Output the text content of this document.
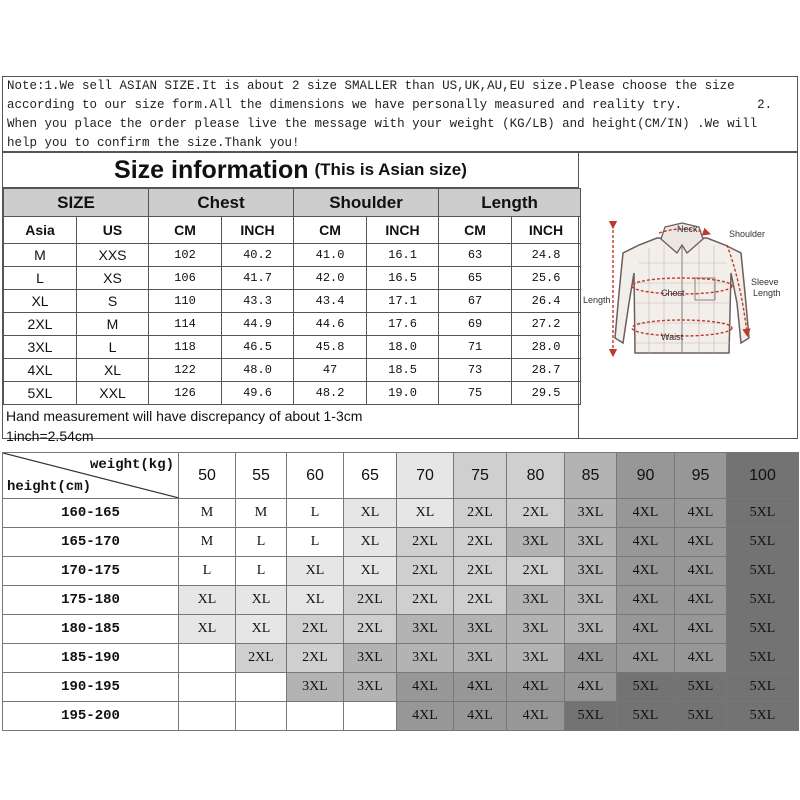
Note:1.We sell ASIAN SIZE.It is about 2 size SMALLER than US,UK,AU,EU size.Please choose the size
according to our size form.All the dimensions we have personally measured and reality try.          2.
When you place the order please live the message with your weight (KG/LB) and height(CM/IN) .We will
help you to confirm the size.Thank you!
Size information (This is Asian size)
SIZE		Chest		Shoulder		Length	
Asia	US	CM	INCH	CM	INCH	CM	INCH
M	XXS	102	40.2	41.0	16.1	63	24.8
L	XS	106	41.7	42.0	16.5	65	25.6
XL	S	110	43.3	43.4	17.1	67	26.4
2XL	M	114	44.9	44.6	17.6	69	27.2
3XL	L	118	46.5	45.8	18.0	71	28.0
4XL	XL	122	48.0	47	18.5	73	28.7
5XL	XXL	126	49.6	48.2	19.0	75	29.5
Hand measurement will have discrepancy of about 1-3cm
1inch=2.54cm
Neck	Shoulder
Sleeve
Length
Length
Chest
Waist
weight(kg)
height(cm)	50	55	60	65	70	75	80	85	90	95	100
160-165	M	M	L	XL	XL	2XL	2XL	3XL	4XL	4XL	5XL
165-170	M	L	L	XL	2XL	2XL	3XL	3XL	4XL	4XL	5XL
170-175	L	L	XL	XL	2XL	2XL	2XL	3XL	4XL	4XL	5XL
175-180	XL	XL	XL	2XL	2XL	2XL	3XL	3XL	4XL	4XL	5XL
180-185	XL	XL	2XL	2XL	3XL	3XL	3XL	3XL	4XL	4XL	5XL
185-190		2XL	2XL	3XL	3XL	3XL	3XL	4XL	4XL	4XL	5XL
190-195			3XL	3XL	4XL	4XL	4XL	4XL	5XL	5XL	5XL
195-200					4XL	4XL	4XL	5XL	5XL	5XL	5XL
